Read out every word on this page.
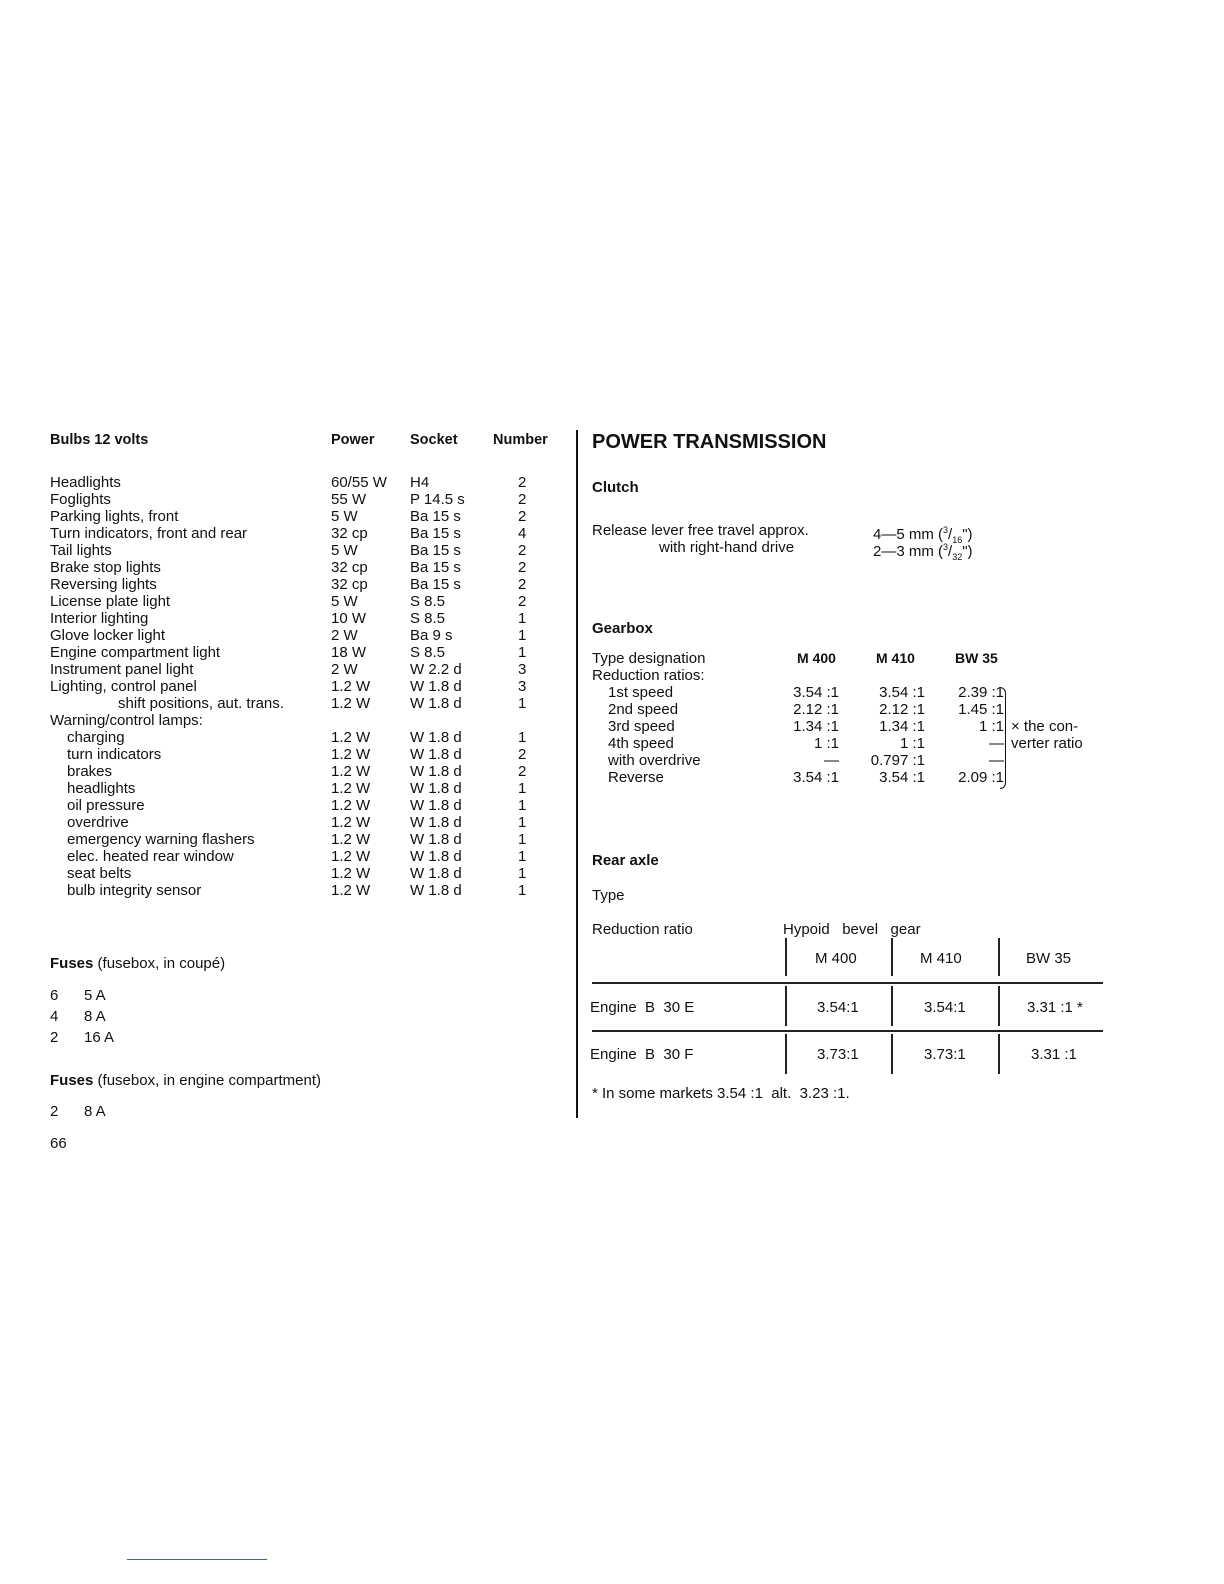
Bulbs 12 volts	Power Socket Number
Headlights	60/55 W H4	2
Foglights	55 W	P 14.5 s	2
Parking lights, front	5 W	Ba 15 s	2
Turn indicators, front and rear	32 cp	Ba 15 s	4
Tail lights	5 W	Ba 15 s	2
Brake stop lights	32 cp	Ba 15 s	2
Reversing lights	32 cp	Ba 15 s	2
License plate light	5 W	S 8.5	2
Interior lighting	10 W	S 8.5	1
Glove locker light	2 W	Ba 9 s	1
Engine compartment light	18 W	S 8.5	1
Instrument panel light	2 W	W 2.2 d	3
Lighting, control panel	1.2 W	W 1.8 d	3
shift positions, aut. trans.	1.2 W	W 1.8 d	1
Warning/control lamps:
charging	1.2 W	W 1.8 d	1
turn indicators	1.2 W	W 1.8 d	2
brakes	1.2 W	W 1.8 d	2
headlights	1.2 W	W 1.8 d	1
oil pressure	1.2 W	W 1.8 d	1
overdrive	1.2 W	W 1.8 d	1
emergency warning flashers	1.2 W	W 1.8 d	1
elec. heated rear window	1.2 W	W 1.8 d	1
seat belts	1.2 W	W 1.8 d	1
bulb integrity sensor	1.2 W	W 1.8 d	1
Fuses (fusebox, in coupé)
6 5 A
4 8 A
2 16 A
Fuses (fusebox, in engine compartment)
2 8 A
66
POWER TRANSMISSION
Clutch
Release lever free travel approx.	4—5 mm $(^3/_{16}")$
with right-hand drive	2—3 mm $(^3/_{32}")$
Gearbox
Type designation	M 400	M 410	BW 35
Reduction ratios:
1st speed	3.54 :1	3.54 :1 2.39 :1
2nd speed	2.12 :1	2.12 :1 1.45 :1
3rd speed	1.34 :1	1.34 :1	1 :1
4th speed	1 :1	1 :1	—
with overdrive	— 0.797 :1	—
Reverse	3.54 :1	3.54 :1 2.09 :1
× the con-
verter ratio
Rear axle
Type
Reduction ratio	Hypoid   bevel   gear
M 400	M 410	BW 35
Engine  B  30 E	3.54:1	3.54:1	3.31 :1 *
Engine  B  30 F	3.73:1	3.73:1	3.31 :1
* In some markets 3.54 :1  alt.  3.23 :1.
